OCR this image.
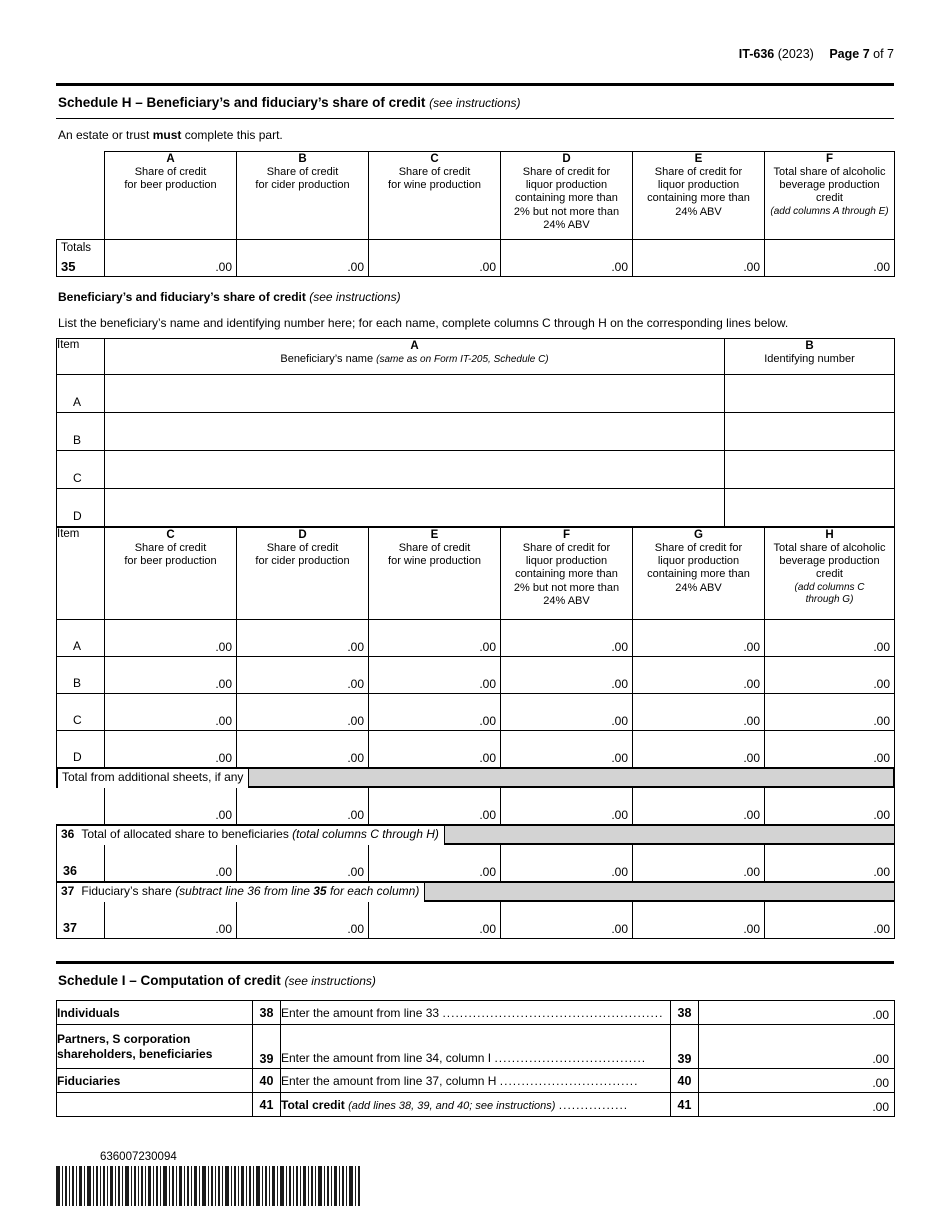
IT-636 (2023) Page 7 of 7
Schedule H – Beneficiary’s and fiduciary’s share of credit (see instructions)
An estate or trust must complete this part.

A
Share of credit
for beer production	
B
Share of credit
for cider production	
C
Share of credit
for wine production	
D
Share of credit for
liquor production
containing more than
2% but not more than
24% ABV	
E
Share of credit for
liquor production
containing more than
24% ABV	
F
Total share of alcoholic
beverage production
credit
(add columns A through E)

Totals
35	.00	.00	.00	.00	.00	.00
Beneficiary’s and fiduciary’s share of credit (see instructions)
List the beneficiary’s name and identifying number here; for each name, complete columns C through H on the corresponding lines below.
Item	A
Beneficiary’s name (same as on Form IT-205, Schedule C)	B
Identifying number

A		

B		

C		

D		

Item	C
Share of credit
for beer production	
D
Share of credit
for cider production	
E
Share of credit
for wine production	
F
Share of credit for
liquor production
containing more than
2% but not more than
24% ABV	
G
Share of credit for
liquor production
containing more than
24% ABV	
H
Total share of alcoholic
beverage production
credit
(add columns C
through G)

A	.00	.00	.00	.00	.00	.00

B	.00	.00	.00	.00	.00	.00

C	.00	.00	.00	.00	.00	.00

D	.00	.00	.00	.00	.00	.00

Total from additional sheets, if any						

	.00	.00	.00	.00	.00	.00

36 Total of allocated share to beneficiaries (total columns C through H)						

36	.00	.00	.00	.00	.00	.00

37 Fiduciary’s share (subtract line 36 from line 35 for each column)						

37	.00	.00	.00	.00	.00	.00
Schedule I – Computation of credit (see instructions)
Individuals	38	Enter the amount from line 33 ...................................................	38	.00

Partners, S corporation
shareholders, beneficiaries	39	Enter the amount from line 34, column I ...................................	39	.00

Fiduciaries	40	Enter the amount from line 37, column H ................................	40	.00

	41	Total credit (add lines 38, 39, and 40; see instructions) ................	41	.00
636007230094
